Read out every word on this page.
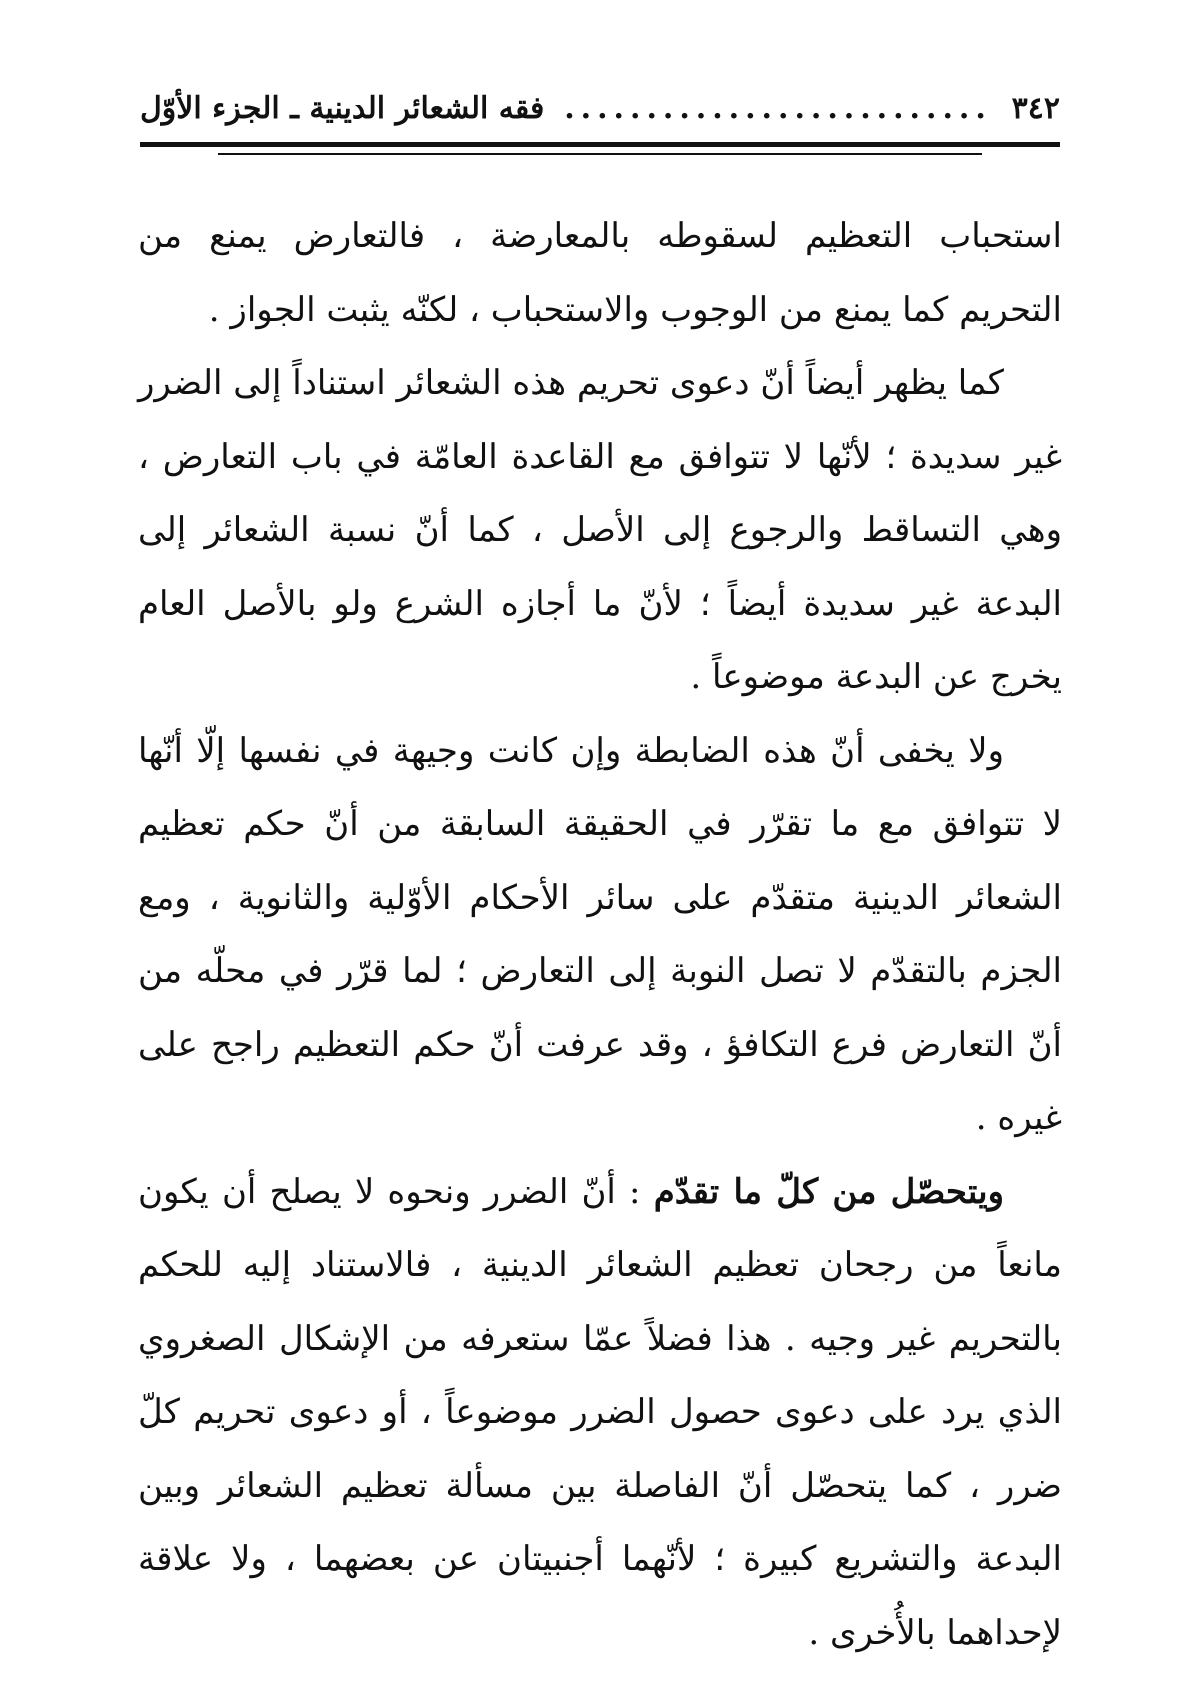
٣٤٢
..........................
فقه الشعائر الدينية ـ الجزء الأوّل

استحباب التعظيم لسقوطه بالمعارضة ، فالتعارض يمنع من التحريم كما يمنع من الوجوب والاستحباب ، لكنّه يثبت الجواز .

كما يظهر أيضاً أنّ دعوى تحريم هذه الشعائر استناداً إلى الضرر غير سديدة ؛ لأنّها لا تتوافق مع القاعدة العامّة في باب التعارض ، وهي التساقط والرجوع إلى الأصل ، كما أنّ نسبة الشعائر إلى البدعة غير سديدة أيضاً ؛ لأنّ ما أجازه الشرع ولو بالأصل العام يخرج عن البدعة موضوعاً .

ولا يخفى أنّ هذه الضابطة وإن كانت وجيهة في نفسها إلّا أنّها لا تتوافق مع ما تقرّر في الحقيقة السابقة من أنّ حكم تعظيم الشعائر الدينية متقدّم على سائر الأحكام الأوّلية والثانوية ، ومع الجزم بالتقدّم لا تصل النوبة إلى التعارض ؛ لما قرّر في محلّه من أنّ التعارض فرع التكافؤ ، وقد عرفت أنّ حكم التعظيم راجح على غيره .

ويتحصّل من كلّ ما تقدّم : أنّ الضرر ونحوه لا يصلح أن يكون مانعاً من رجحان تعظيم الشعائر الدينية ، فالاستناد إليه للحكم بالتحريم غير وجيه . هذا فضلاً عمّا ستعرفه من الإشكال الصغروي الذي يرد على دعوى حصول الضرر موضوعاً ، أو دعوى تحريم كلّ ضرر ، كما يتحصّل أنّ الفاصلة بين مسألة تعظيم الشعائر وبين البدعة والتشريع كبيرة ؛ لأنّهما أجنبيتان عن بعضهما ، ولا علاقة لإحداهما بالأُخرى .
